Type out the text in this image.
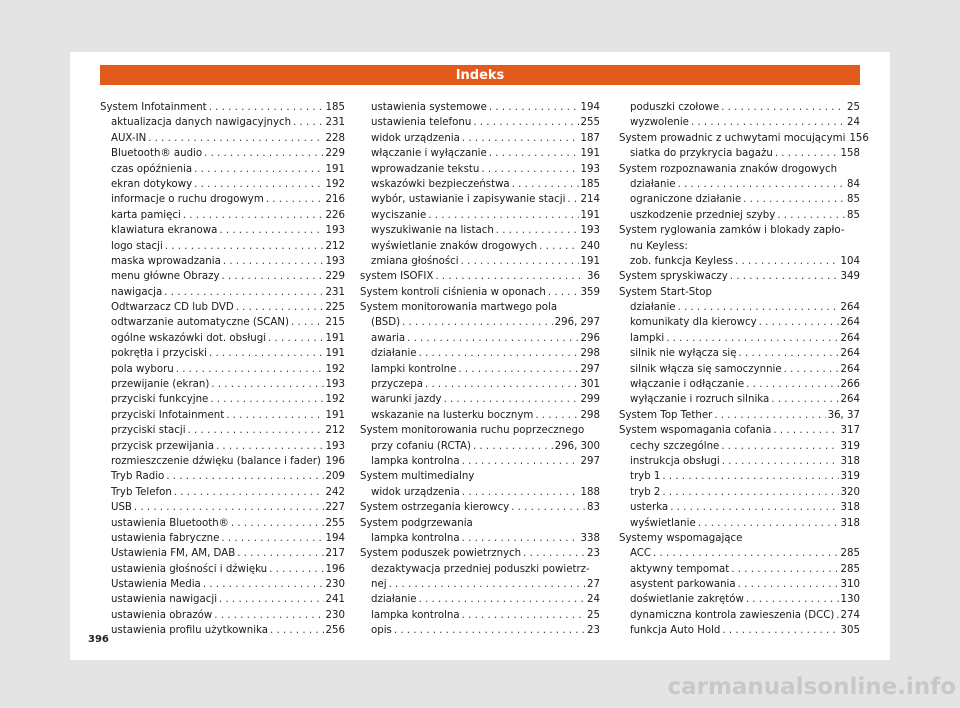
Indeks
System Infotainment . . .	185
aktualizacja danych nawigacyjnych . . .	231
AUX-IN . . .	228
Bluetooth® audio . . .	229
czas opóźnienia . . .	191
ekran dotykowy . . .	192
informacje o ruchu drogowym . . .	216
karta pamięci . . .	226
klawiatura ekranowa . . .	193
logo stacji . . .	212
maska wprowadzania . . .	193
menu główne Obrazy . . .	229
nawigacja . . .	231
Odtwarzacz CD lub DVD . . .	225
odtwarzanie automatyczne (SCAN) . . .	215
ogólne wskazówki dot. obsługi . . .	191
pokrętła i przyciski . . .	191
pola wyboru . . .	192
przewijanie (ekran) . . .	193
przyciski funkcyjne . . .	192
przyciski Infotainment . . .	191
przyciski stacji . . .	212
przycisk przewijania . . .	193
rozmieszczenie dźwięku (balance i fader) . . . 196
Tryb Radio . . .	209
Tryb Telefon . . .	242
USB . . .	227
ustawienia Bluetooth® . . .	255
ustawienia fabryczne . . .	194
Ustawienia FM, AM, DAB . . .	217
ustawienia głośności i dźwięku . . .	196
Ustawienia Media . . .	230
ustawienia nawigacji . . .	241
ustawienia obrazów . . .	230
ustawienia profilu użytkownika . . .	256
ustawienia systemowe . . .	194
ustawienia telefonu . . .	255
widok urządzenia . . .	187
włączanie i wyłączanie . . .	191
wprowadzanie tekstu . . .	193
wskazówki bezpieczeństwa . . .	185
wybór, ustawianie i zapisywanie stacji . . . 214
wyciszanie . . .	191
wyszukiwanie na listach . . .	193
wyświetlanie znaków drogowych . . .	240
zmiana głośności . . .	191
system ISOFIX . . .	36
System kontroli ciśnienia w oponach . . .	359
System monitorowania martwego pola
(BSD) . . .	296, 297
awaria . . .	296
działanie . . .	298
lampki kontrolne . . .	297
przyczepa . . .	301
warunki jazdy . . .	299
wskazanie na lusterku bocznym . . .	298
System monitorowania ruchu poprzecznego
przy cofaniu (RCTA) . . .	296, 300
lampka kontrolna . . .	297
System multimedialny
widok urządzenia . . .	188
System ostrzegania kierowcy . . .	83
System podgrzewania
lampka kontrolna . . .	338
System poduszek powietrznych . . .	23
dezaktywacja przedniej poduszki powietrz-
nej . . .	27
działanie . . .	24
lampka kontrolna . . .	25
opis . . .	23
poduszki czołowe . . .	25
wyzwolenie . . .	24
System prowadnic z uchwytami mocującymi 156
siatka do przykrycia bagażu . . .	158
System rozpoznawania znaków drogowych
działanie . . .	84
ograniczone działanie . . .	85
uszkodzenie przedniej szyby . . .	85
System ryglowania zamków i blokady zapło-
nu Keyless:
zob. funkcja Keyless . . .	104
System spryskiwaczy . . .	349
System Start-Stop
działanie . . .	264
komunikaty dla kierowcy . . .	264
lampki . . .	264
silnik nie wyłącza się . . .	264
silnik włącza się samoczynnie . . .	264
włączanie i odłączanie . . .	266
wyłączanie i rozruch silnika . . .	264
System Top Tether . . .	36, 37
System wspomagania cofania . . .	317
cechy szczególne . . .	319
instrukcja obsługi . . .	318
tryb 1 . . .	319
tryb 2 . . .	320
usterka . . .	318
wyświetlanie . . .	318
Systemy wspomagające
ACC . . .	285
aktywny tempomat . . .	285
asystent parkowania . . .	310
doświetlanie zakrętów . . .	130
dynamiczna kontrola zawieszenia (DCC) . . . 274
funkcja Auto Hold . . .	305
396
carmanualsonline.info
